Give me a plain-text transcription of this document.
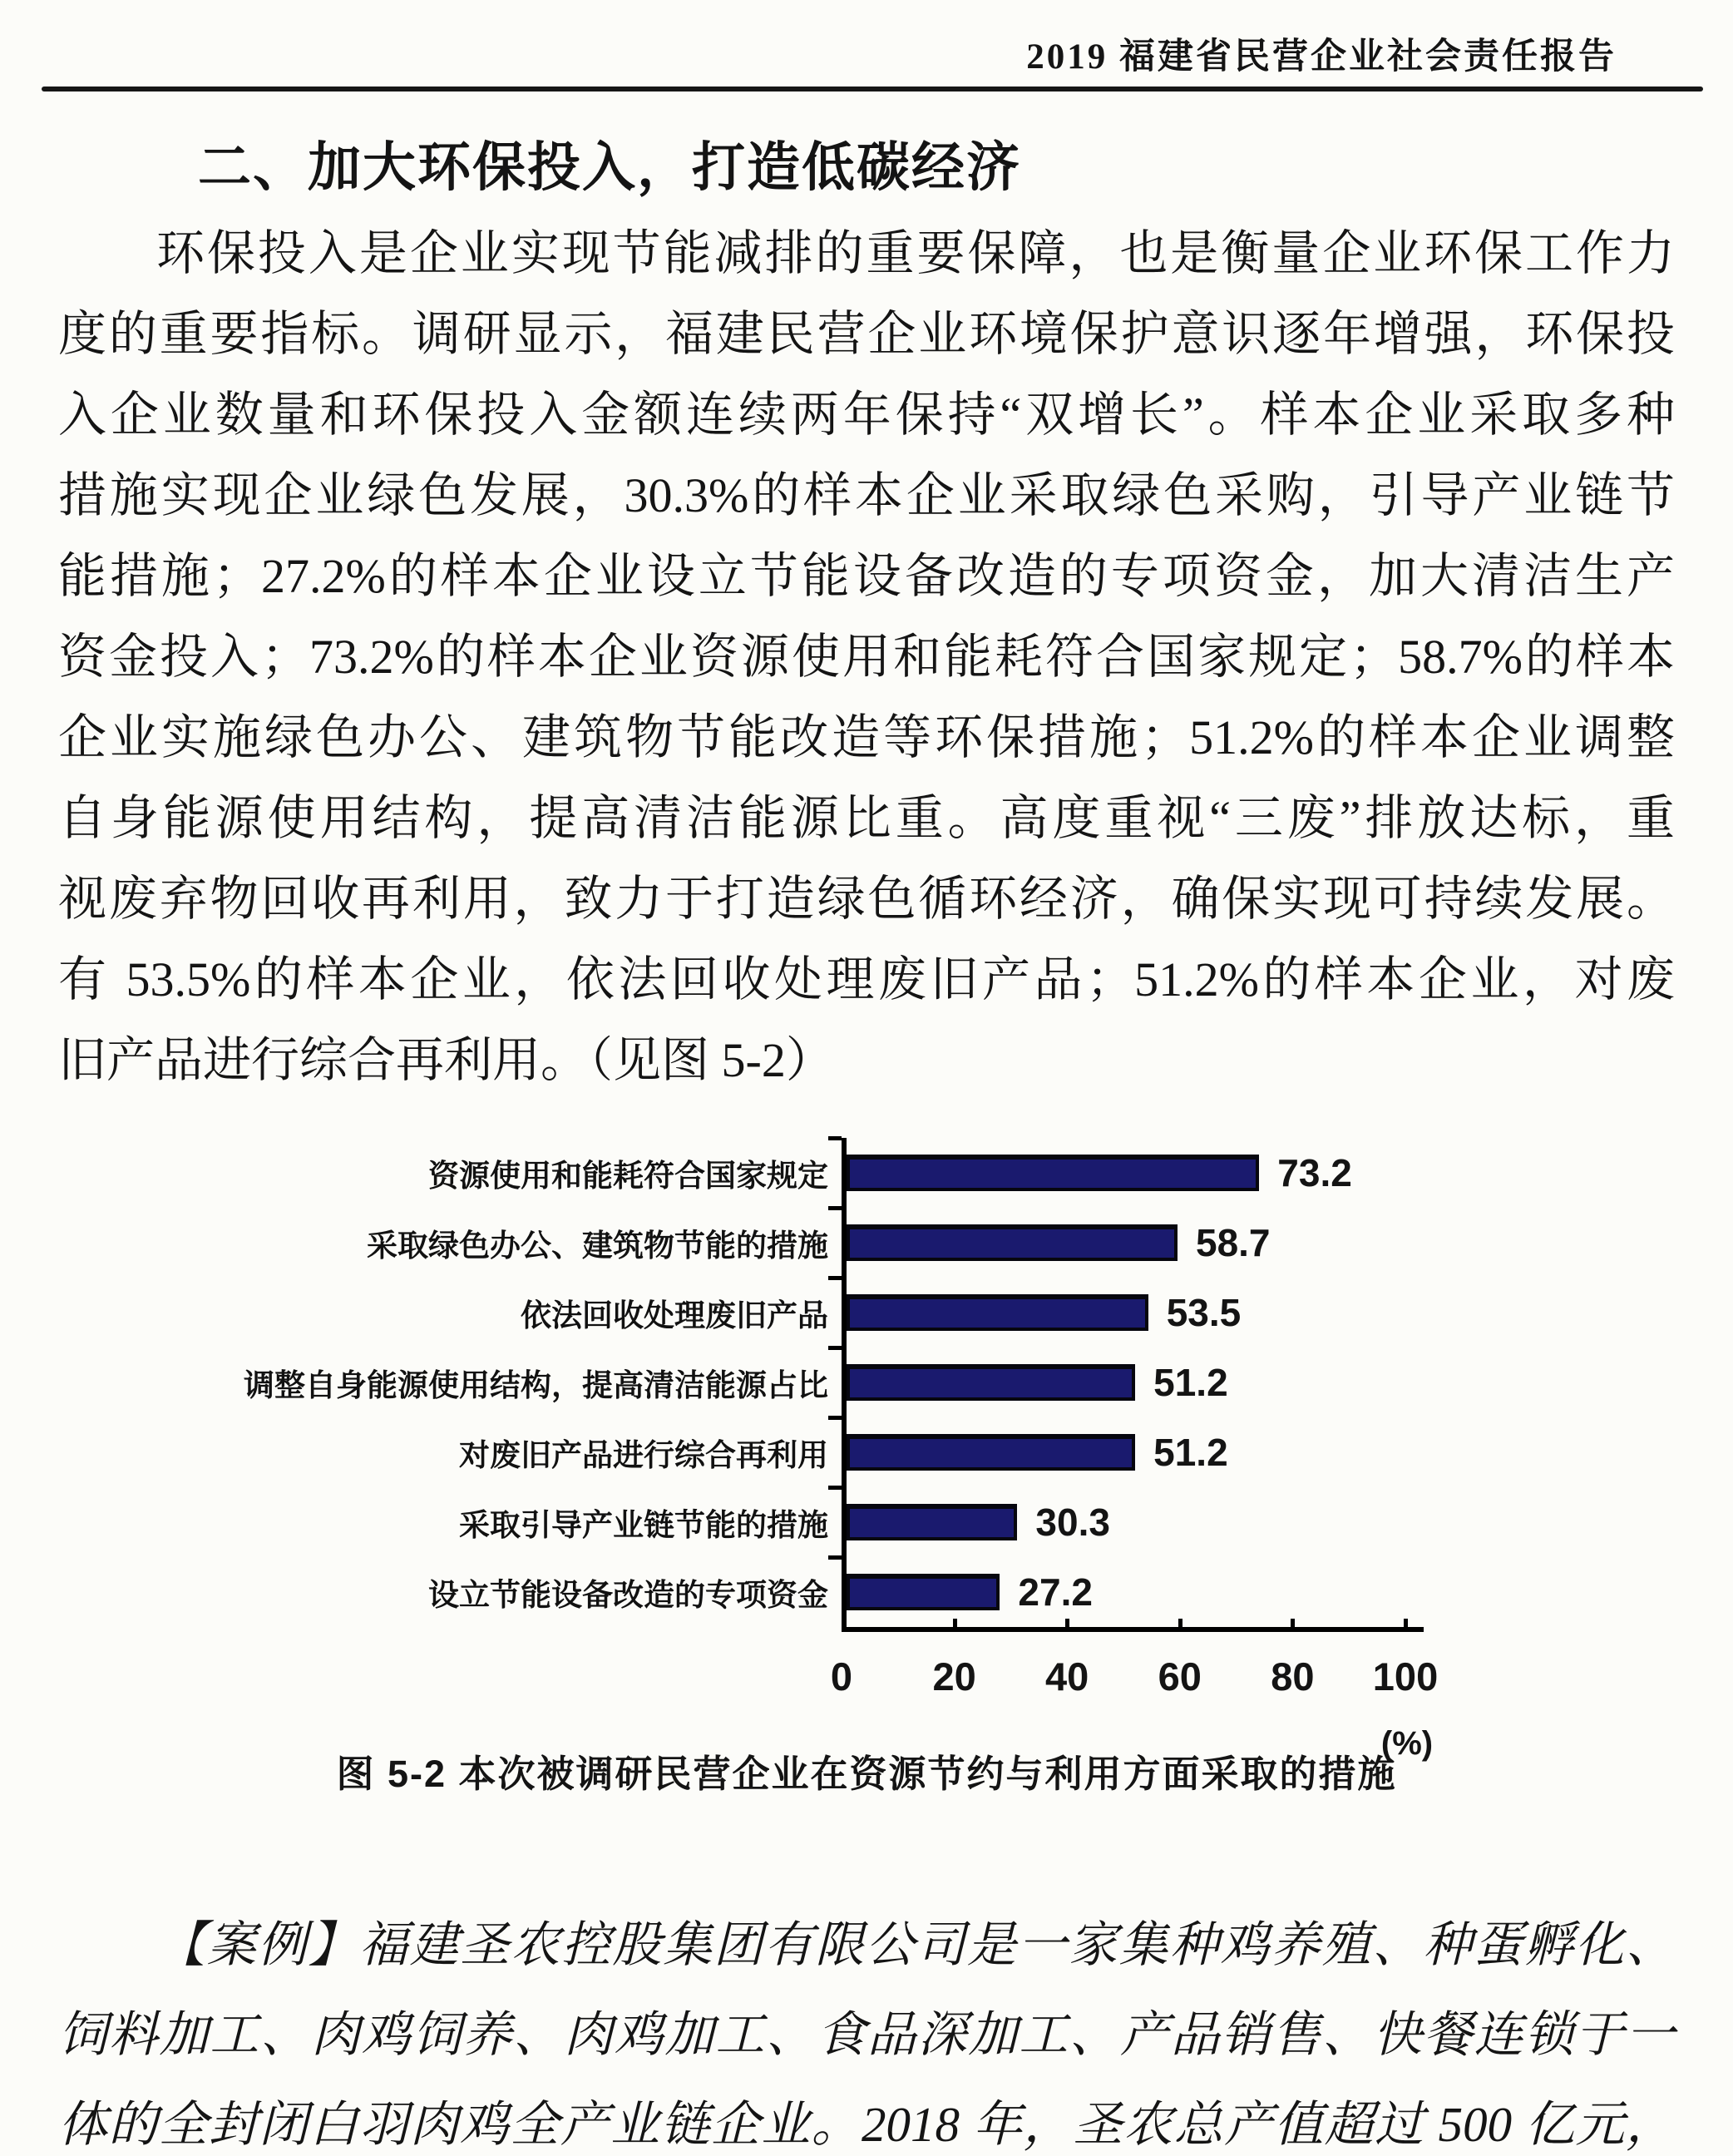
2019 福建省民营企业社会责任报告
二、加大环保投入，打造低碳经济
环保投入是企业实现节能减排的重要保障，也是衡量企业环保工作力
度的重要指标。调研显示，福建民营企业环境保护意识逐年增强，环保投
入企业数量和环保投入金额连续两年保持“双增长”。样本企业采取多种
措施实现企业绿色发展，30.3%的样本企业采取绿色采购，引导产业链节
能措施；27.2%的样本企业设立节能设备改造的专项资金，加大清洁生产
资金投入；73.2%的样本企业资源使用和能耗符合国家规定；58.7%的样本
企业实施绿色办公、建筑物节能改造等环保措施；51.2%的样本企业调整
自身能源使用结构，提高清洁能源比重。高度重视“三废”排放达标，重
视废弃物回收再利用，致力于打造绿色循环经济，确保实现可持续发展。
有 53.5%的样本企业，依法回收处理废旧产品；51.2%的样本企业，对废
旧产品进行综合再利用。（见图 5-2）
资源使用和能耗符合国家规定	73.2
采取绿色办公、建筑物节能的措施	58.7
依法回收处理废旧产品	53.5
调整自身能源使用结构，提高清洁能源占比	51.2
对废旧产品进行综合再利用	51.2
采取引导产业链节能的措施	30.3
设立节能设备改造的专项资金	27.2
0 20 40 60 80 100
(%)
图 5-2 本次被调研民营企业在资源节约与利用方面采取的措施
【案例】福建圣农控股集团有限公司是一家集种鸡养殖、种蛋孵化、
饲料加工、肉鸡饲养、肉鸡加工、食品深加工、产品销售、快餐连锁于一
体的全封闭白羽肉鸡全产业链企业。2018 年，圣农总产值超过 500 亿元，
